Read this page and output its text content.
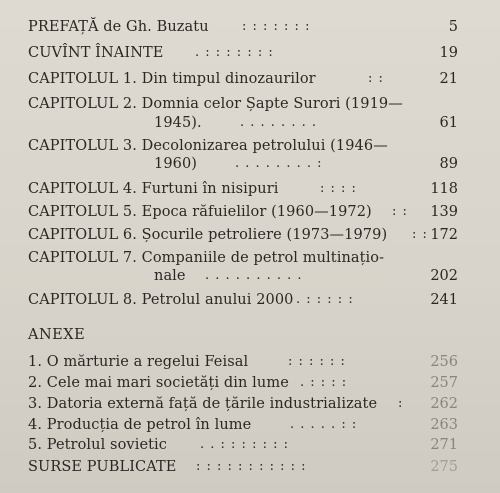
PREFAȚĂ de Gh. Buzatu	: : : : : : :	5
CUVÎNT ÎNAINTE . : : : : : : :	19
CAPITOLUL 1. Din timpul dinozaurilor	: :	21
CAPITOLUL 2. Domnia celor Șapte Surori (1919—
1945).	. . . . . . . .	61
CAPITOLUL 3. Decolonizarea petrolului (1946—
1960)	. . . . . . . . :	89
CAPITOLUL 4. Furtuni în nisipuri	: : : :	118
CAPITOLUL 5. Epoca răfuielilor (1960—1972) : : 139
CAPITOLUL 6. Șocurile petroliere (1973—1979) : : 172
CAPITOLUL 7. Companiile de petrol multinațio-
nale . . . . . . . . . .	202
CAPITOLUL 8. Petrolul anului 2000 . : : : : :	241
ANEXE
1. O mărturie a regelui Feisal	: : : : : :	256
2. Cele mai mari societăți din lume . : : : :	257
3. Datoria externă față de țările industrializate : 262
4. Producția de petrol în lume	. . . . . : :	263
5. Petrolul sovietic	. . : : : : : : :	271
SURSE PUBLICATE : : : : : : : : : : :	275
